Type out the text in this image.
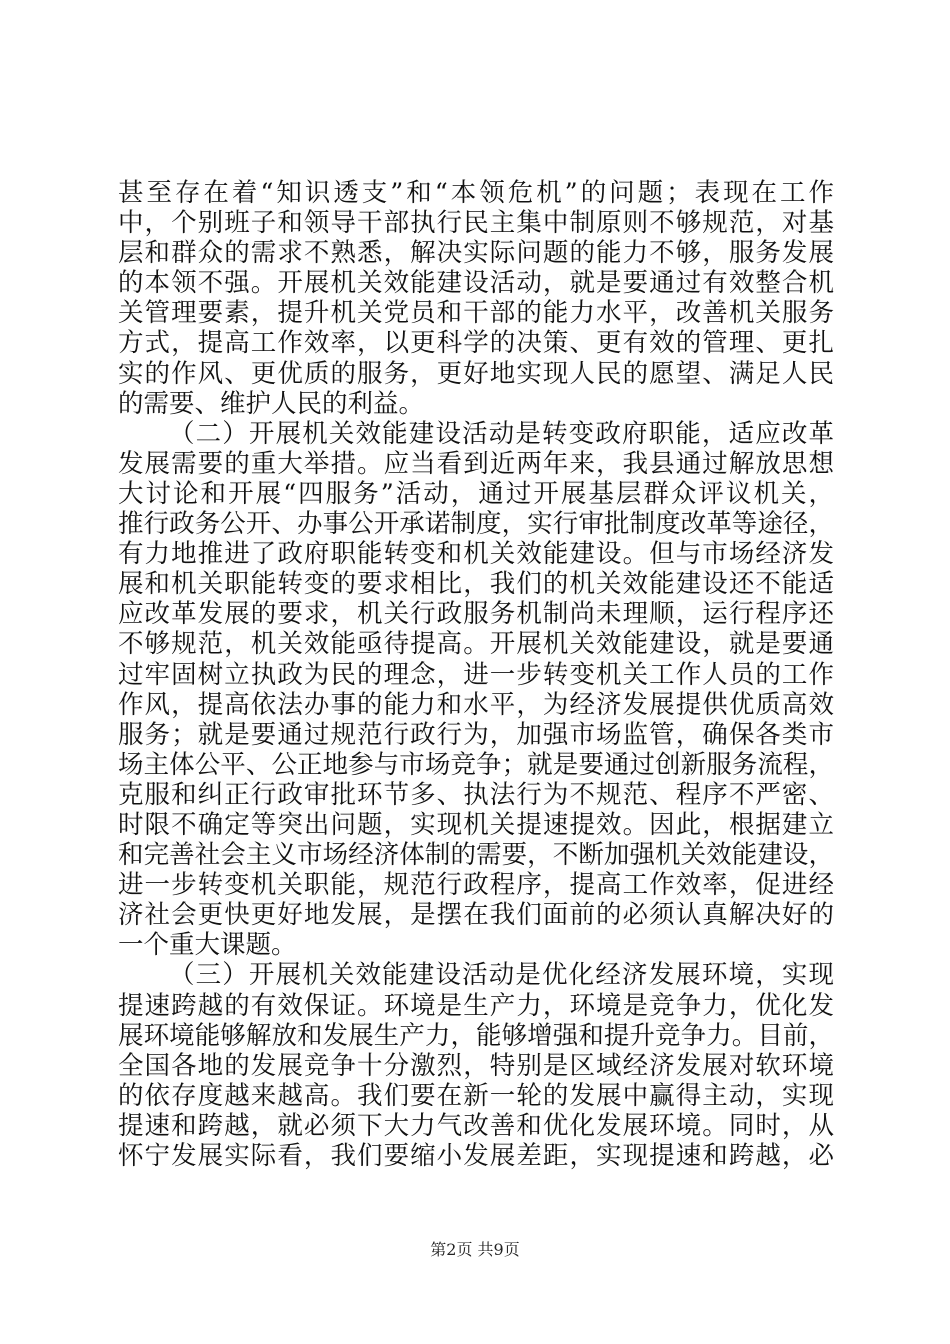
甚至存在着“知识透支”和“本领危机”的问题；表现在工作
中，个别班子和领导干部执行民主集中制原则不够规范，对基
层和群众的需求不熟悉，解决实际问题的能力不够，服务发展
的本领不强。开展机关效能建设活动，就是要通过有效整合机
关管理要素，提升机关党员和干部的能力水平，改善机关服务
方式，提高工作效率，以更科学的决策、更有效的管理、更扎
实的作风、更优质的服务，更好地实现人民的愿望、满足人民
的需要、维护人民的利益。
（二）开展机关效能建设活动是转变政府职能，适应改革
发展需要的重大举措。应当看到近两年来，我县通过解放思想
大讨论和开展“四服务”活动，通过开展基层群众评议机关，
推行政务公开、办事公开承诺制度，实行审批制度改革等途径，
有力地推进了政府职能转变和机关效能建设。但与市场经济发
展和机关职能转变的要求相比，我们的机关效能建设还不能适
应改革发展的要求，机关行政服务机制尚未理顺，运行程序还
不够规范，机关效能亟待提高。开展机关效能建设，就是要通
过牢固树立执政为民的理念，进一步转变机关工作人员的工作
作风，提高依法办事的能力和水平，为经济发展提供优质高效
服务；就是要通过规范行政行为，加强市场监管，确保各类市
场主体公平、公正地参与市场竞争；就是要通过创新服务流程，
克服和纠正行政审批环节多、执法行为不规范、程序不严密、
时限不确定等突出问题，实现机关提速提效。因此，根据建立
和完善社会主义市场经济体制的需要，不断加强机关效能建设，
进一步转变机关职能，规范行政程序，提高工作效率，促进经
济社会更快更好地发展，是摆在我们面前的必须认真解决好的
一个重大课题。
（三）开展机关效能建设活动是优化经济发展环境，实现
提速跨越的有效保证。环境是生产力，环境是竞争力，优化发
展环境能够解放和发展生产力，能够增强和提升竞争力。目前，
全国各地的发展竞争十分激烈，特别是区域经济发展对软环境
的依存度越来越高。我们要在新一轮的发展中赢得主动，实现
提速和跨越，就必须下大力气改善和优化发展环境。同时，从
怀宁发展实际看，我们要缩小发展差距，实现提速和跨越，必
第2页 共9页
